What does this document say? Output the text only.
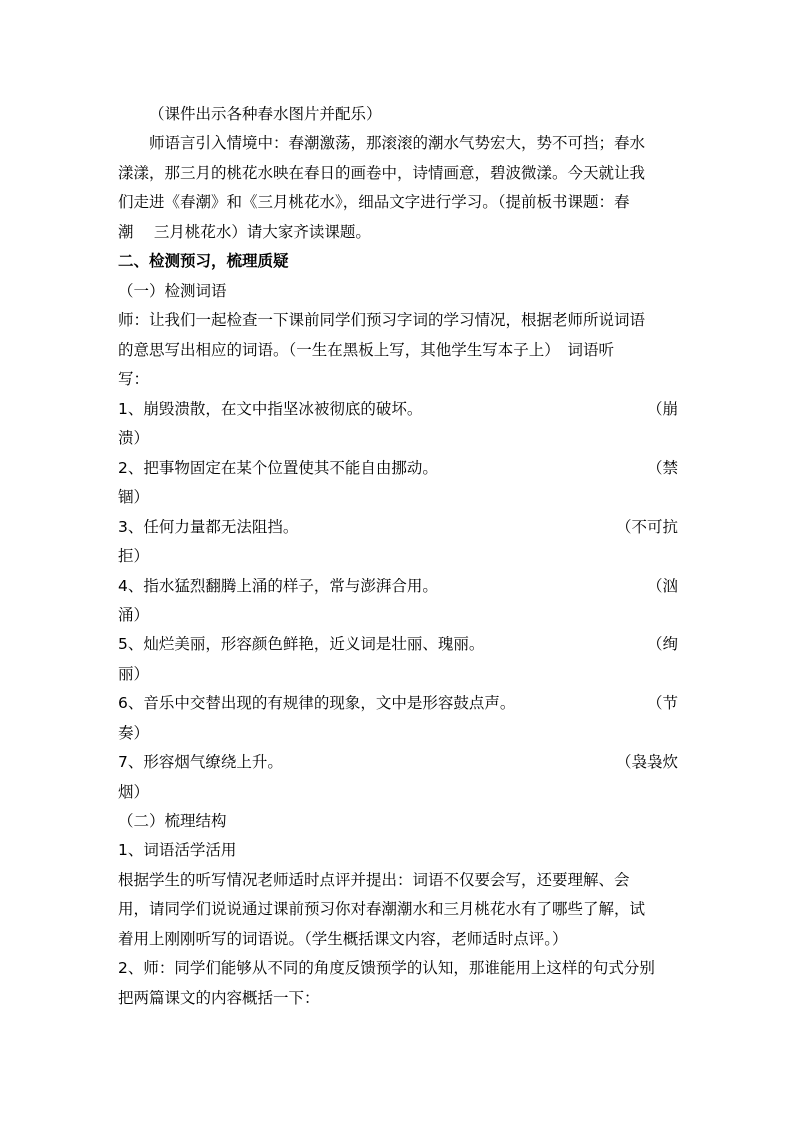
（课件出示各种春水图片并配乐）
师语言引入情境中：春潮激荡，那滚滚的潮水气势宏大，势不可挡；春水
漾漾，那三月的桃花水映在春日的画卷中，诗情画意，碧波微漾。今天就让我
们走进《春潮》和《三月桃花水》，细品文字进行学习。（提前板书课题：春
潮　 三月桃花水）请大家齐读课题。
二、检测预习，梳理质疑
（一）检测词语
师：让我们一起检查一下课前同学们预习字词的学习情况，根据老师所说词语
的意思写出相应的词语。（一生在黑板上写，其他学生写本子上）　词语听
写：
1、崩毁溃散，在文中指坚冰被彻底的破坏。	（崩
溃）
2、把事物固定在某个位置使其不能自由挪动。	（禁
锢）
3、任何力量都无法阻挡。	（不可抗
拒）
4、指水猛烈翻腾上涌的样子，常与澎湃合用。	（汹
涌）
5、灿烂美丽，形容颜色鲜艳，近义词是壮丽、瑰丽。	（绚
丽）
6、音乐中交替出现的有规律的现象，文中是形容鼓点声。	（节
奏）
7、形容烟气缭绕上升。	（袅袅炊
烟）
（二）梳理结构
1、词语活学活用
根据学生的听写情况老师适时点评并提出：词语不仅要会写，还要理解、会
用，请同学们说说通过课前预习你对春潮潮水和三月桃花水有了哪些了解，试
着用上刚刚听写的词语说。（学生概括课文内容，老师适时点评。）
2、师：同学们能够从不同的角度反馈预学的认知，那谁能用上这样的句式分别
把两篇课文的内容概括一下：
